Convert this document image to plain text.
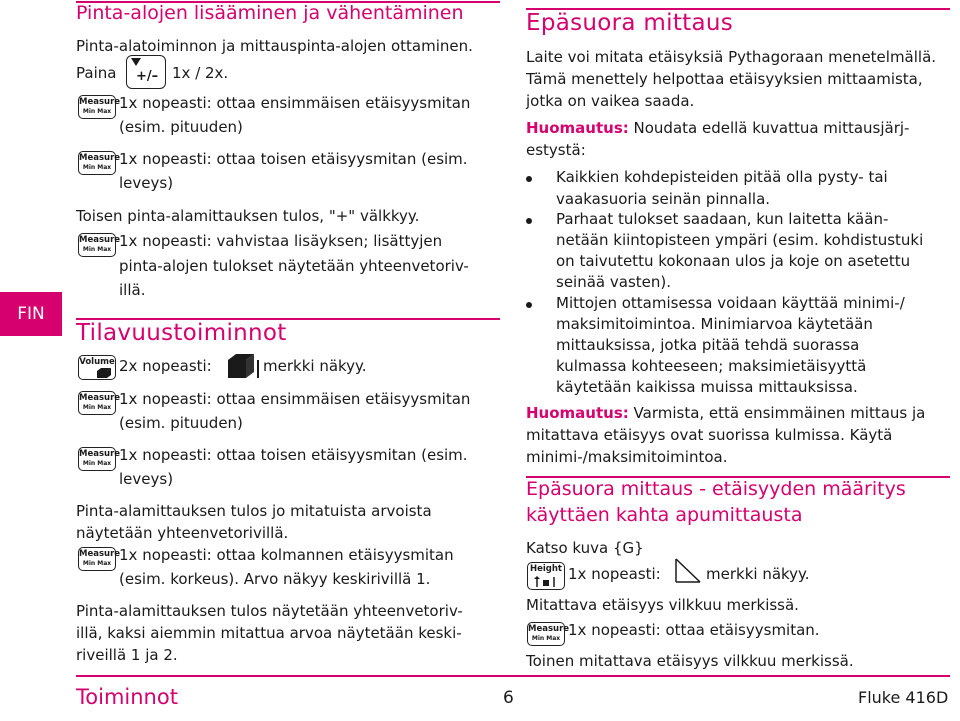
FIN
Pinta-alojen lisääminen ja vähentäminen
Pinta-alatoiminnon ja mittauspinta-alojen ottaminen.
Paina +/– 1x / 2x.
Measure
Min Max 1x nopeasti: ottaa ensimmäisen etäisyysmitan
(esim. pituuden)
Measure
Min Max 1x nopeasti: ottaa toisen etäisyysmitan (esim.
leveys)
Toisen pinta-alamittauksen tulos, "+" välkkyy.
Measure
Min Max 1x nopeasti: vahvistaa lisäyksen; lisättyjen
pinta-alojen tulokset näytetään yhteenvetoriv-
illä.
Tilavuustoiminnot
Volume 2x nopeasti:	merkki näkyy.
Measure
Min Max 1x nopeasti: ottaa ensimmäisen etäisyysmitan
(esim. pituuden)
Measure
Min Max 1x nopeasti: ottaa toisen etäisyysmitan (esim.
leveys)
Pinta-alamittauksen tulos jo mitatuista arvoista
näytetään yhteenvetorivillä.
Measure
Min Max 1x nopeasti: ottaa kolmannen etäisyysmitan
(esim. korkeus). Arvo näkyy keskirivillä 1.
Pinta-alamittauksen tulos näytetään yhteenvetoriv-
illä, kaksi aiemmin mitattua arvoa näytetään keski-
riveillä 1 ja 2.
Epäsuora mittaus
Laite voi mitata etäisyksiä Pythagoraan menetelmällä.
Tämä menettely helpottaa etäisyyksien mittaamista,
jotka on vaikea saada.
Huomautus: Noudata edellä kuvattua mittausjärj-
estystä:
Kaikkien kohdepisteiden pitää olla pysty- tai
vaakasuoria seinän pinnalla.
Parhaat tulokset saadaan, kun laitetta kään-
netään kiintopisteen ympäri (esim. kohdistustuki
on taivutettu kokonaan ulos ja koje on asetettu
seinää vasten).
Mittojen ottamisessa voidaan käyttää minimi-/
maksimitoimintoa. Minimiarvoa käytetään
mittauksissa, jotka pitää tehdä suorassa
kulmassa kohteeseen; maksimietäisyyttä
käytetään kaikissa muissa mittauksissa.
Huomautus: Varmista, että ensimmäinen mittaus ja
mitattava etäisyys ovat suorissa kulmissa. Käytä
minimi-/maksimitoimintoa.
Epäsuora mittaus - etäisyyden määritys
käyttäen kahta apumittausta
Katso kuva {G}
Height 1x nopeasti:	merkki näkyy.
Mitattava etäisyys vilkkuu merkissä.
Measure
Min Max 1x nopeasti: ottaa etäisyysmitan.
Toinen mitattava etäisyys vilkkuu merkissä.
Toiminnot	6	Fluke 416D
